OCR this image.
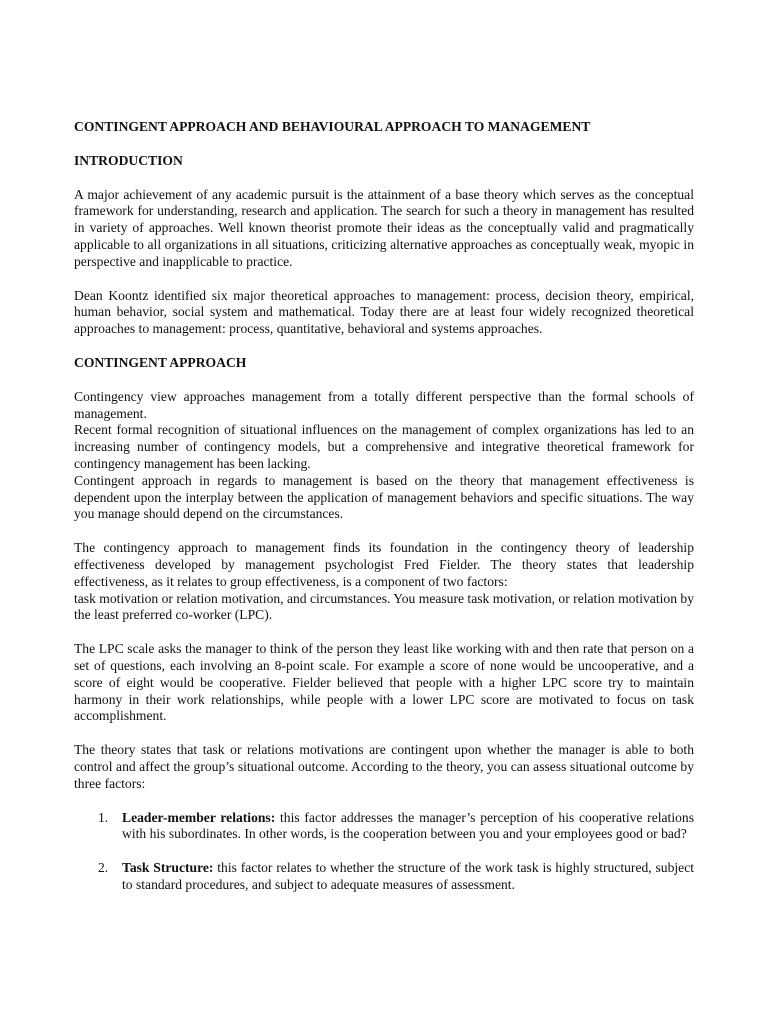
CONTINGENT APPROACH AND BEHAVIOURAL APPROACH TO MANAGEMENT

INTRODUCTION

A major achievement of any academic pursuit is the attainment of a base theory which serves as the conceptual framework for understanding, research and application. The search for such a theory in management has resulted in variety of approaches. Well known theorist promote their ideas as the conceptually valid and pragmatically applicable to all organizations in all situations, criticizing alternative approaches as conceptually weak, myopic in perspective and inapplicable to practice.

Dean Koontz identified six major theoretical approaches to management: process, decision theory, empirical, human behavior, social system and mathematical. Today there are at least four widely recognized theoretical approaches to management: process, quantitative, behavioral and systems approaches.

CONTINGENT APPROACH

Contingency view approaches management from a totally different perspective than the formal schools of management.

Recent formal recognition of situational influences on the management of complex organizations has led to an increasing number of contingency models, but a comprehensive and integrative theoretical framework for contingency management has been lacking.

Contingent approach in regards to management is based on the theory that management effectiveness is dependent upon the interplay between the application of management behaviors and specific situations. The way you manage should depend on the circumstances.

The contingency approach to management finds its foundation in the contingency theory of leadership effectiveness developed by management psychologist Fred Fielder. The theory states that leadership effectiveness, as it relates to group effectiveness, is a component of two factors:

task motivation or relation motivation, and circumstances. You measure task motivation, or relation motivation by the least preferred co-worker (LPC).

The LPC scale asks the manager to think of the person they least like working with and then rate that person on a set of questions, each involving an 8-point scale. For example a score of none would be uncooperative, and a score of eight would be cooperative. Fielder believed that people with a higher LPC score try to maintain harmony in their work relationships, while people with a lower LPC score are motivated to focus on task accomplishment.

The theory states that task or relations motivations are contingent upon whether the manager is able to both control and affect the group’s situational outcome. According to the theory, you can assess situational outcome by three factors:

1. Leader-member relations: this factor addresses the manager’s perception of his cooperative relations with his subordinates. In other words, is the cooperation between you and your employees good or bad?
2. Task Structure: this factor relates to whether the structure of the work task is highly structured, subject to standard procedures, and subject to adequate measures of assessment.
